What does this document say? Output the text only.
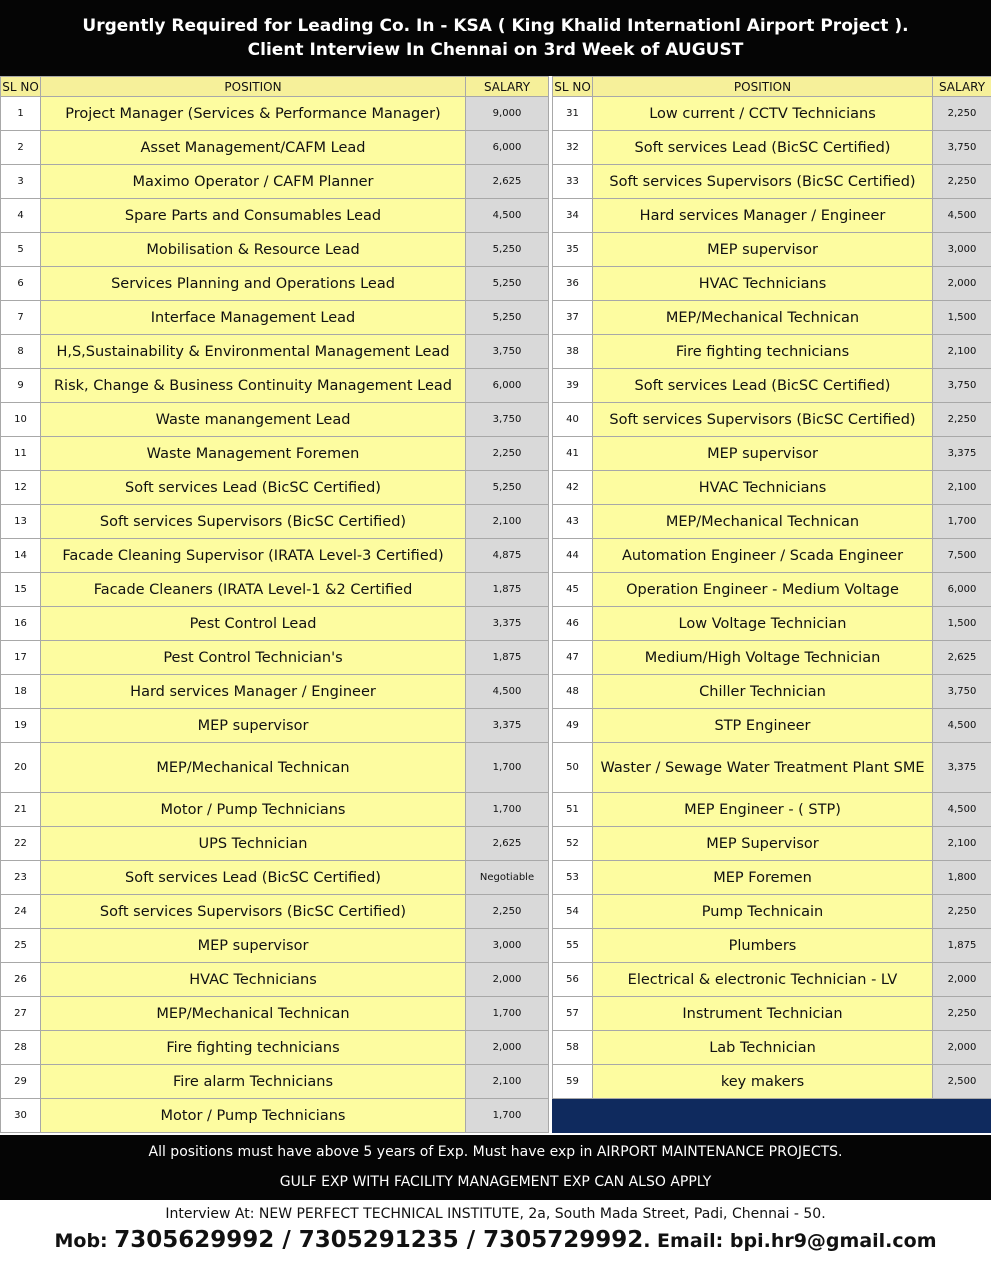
Urgently Required for Leading Co. In - KSA ( King Khalid Internationl Airport Project ).
Client Interview In Chennai on 3rd Week of AUGUST
SL NO	POSITION	SALARY
1	Project Manager (Services & Performance Manager)	9,000
2	Asset Management/CAFM Lead	6,000
3	Maximo Operator / CAFM Planner	2,625
4	Spare Parts and Consumables Lead	4,500
5	Mobilisation & Resource Lead	5,250
6	Services Planning and Operations Lead	5,250
7	Interface Management Lead	5,250
8	H,S,Sustainability & Environmental Management Lead	3,750
9	Risk, Change & Business Continuity Management Lead	6,000
10	Waste manangement Lead	3,750
11	Waste Management Foremen	2,250
12	Soft services Lead (BicSC Certified)	5,250
13	Soft services Supervisors (BicSC Certified)	2,100
14	Facade Cleaning Supervisor (IRATA Level-3 Certified)	4,875
15	Facade Cleaners (IRATA Level-1 &2 Certified	1,875
16	Pest Control Lead	3,375
17	Pest Control Technician's	1,875
18	Hard services Manager / Engineer	4,500
19	MEP supervisor	3,375
20	MEP/Mechanical Technican	1,700
21	Motor / Pump Technicians	1,700
22	UPS Technician	2,625
23	Soft services Lead (BicSC Certified)	Negotiable
24	Soft services Supervisors (BicSC Certified)	2,250
25	MEP supervisor	3,000
26	HVAC Technicians	2,000
27	MEP/Mechanical Technican	1,700
28	Fire fighting technicians	2,000
29	Fire alarm Technicians	2,100
30	Motor / Pump Technicians	1,700
SL NO	POSITION	SALARY
31	Low current / CCTV Technicians	2,250
32	Soft services Lead (BicSC Certified)	3,750
33	Soft services Supervisors (BicSC Certified)	2,250
34	Hard services Manager / Engineer	4,500
35	MEP supervisor	3,000
36	HVAC Technicians	2,000
37	MEP/Mechanical Technican	1,500
38	Fire fighting technicians	2,100
39	Soft services Lead (BicSC Certified)	3,750
40	Soft services Supervisors (BicSC Certified)	2,250
41	MEP supervisor	3,375
42	HVAC Technicians	2,100
43	MEP/Mechanical Technican	1,700
44	Automation Engineer / Scada Engineer	7,500
45	Operation Engineer - Medium Voltage	6,000
46	Low Voltage Technician	1,500
47	Medium/High Voltage Technician	2,625
48	Chiller Technician	3,750
49	STP Engineer	4,500
50	Waster / Sewage Water Treatment Plant SME	3,375
51	MEP Engineer - ( STP)	4,500
52	MEP Supervisor	2,100
53	MEP Foremen	1,800
54	Pump Technicain	2,250
55	Plumbers	1,875
56	Electrical & electronic Technician - LV	2,000
57	Instrument Technician	2,250
58	Lab Technician	2,000
59	key makers	2,500

All positions must have above 5 years of Exp. Must have exp in AIRPORT MAINTENANCE PROJECTS.
GULF EXP WITH FACILITY MANAGEMENT EXP CAN ALSO APPLY
Interview At: NEW PERFECT TECHNICAL INSTITUTE, 2a, South Mada Street, Padi, Chennai - 50.
Mob: 7305629992 / 7305291235 / 7305729992. Email: bpi.hr9@gmail.com
